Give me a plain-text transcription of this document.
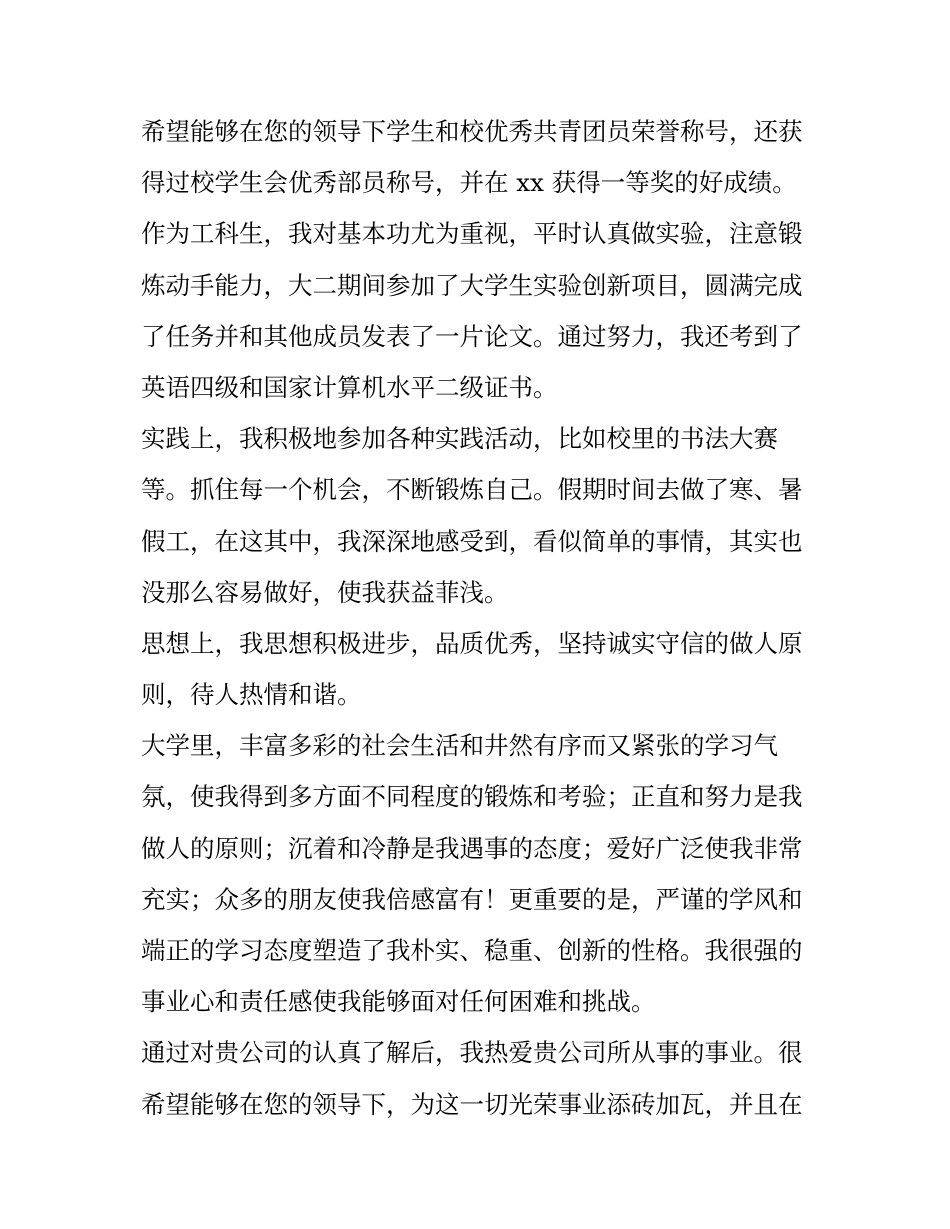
希望能够在您的领导下学生和校优秀共青团员荣誉称号，还获
得过校学生会优秀部员称号，并在 xx 获得一等奖的好成绩。
作为工科生，我对基本功尤为重视，平时认真做实验，注意锻
炼动手能力，大二期间参加了大学生实验创新项目，圆满完成
了任务并和其他成员发表了一片论文。通过努力，我还考到了
英语四级和国家计算机水平二级证书。
实践上，我积极地参加各种实践活动，比如校里的书法大赛
等。抓住每一个机会，不断锻炼自己。假期时间去做了寒、暑
假工，在这其中，我深深地感受到，看似简单的事情，其实也
没那么容易做好，使我获益菲浅。
思想上，我思想积极进步，品质优秀，坚持诚实守信的做人原
则，待人热情和谐。
大学里，丰富多彩的社会生活和井然有序而又紧张的学习气
氛，使我得到多方面不同程度的锻炼和考验；正直和努力是我
做人的原则；沉着和冷静是我遇事的态度；爱好广泛使我非常
充实；众多的朋友使我倍感富有！更重要的是，严谨的学风和
端正的学习态度塑造了我朴实、稳重、创新的性格。我很强的
事业心和责任感使我能够面对任何困难和挑战。
通过对贵公司的认真了解后，我热爱贵公司所从事的事业。很
希望能够在您的领导下，为这一切光荣事业添砖加瓦，并且在
